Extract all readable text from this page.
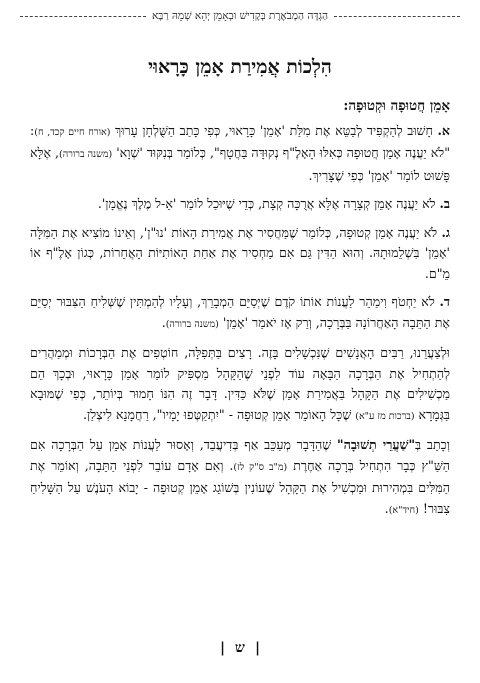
הַגְדָּה הַמְבֹאֶרֶת בְּקָדִישׁ וּבְאָמֵן יְהֵא שְׁמֵהּ רַבָּא
הִלְכוֹת אֲמִירַת אָמֵן כָּרָאוּי
אָמֵן חֲטוּפָה וּקְטוּפָה:

א. חָשׁוּב לְהַקְפִּיד לְבַטֵּא אֶת מִלַּת 'אָמֵן' כָּרָאוּי, כְּפִי כָּתַב הַשֻּׁלְחָן עָרוּךְ (אורח חיים קכד, ח): "לֹא יַעֲנֶה אָמֵן חֲטוּפָה כְּאִלּוּ הָאָלֶ"ף נְקוּדָּה בַּחֲטָף", כְּלוֹמַר בְּנִקּוּד 'שְׁוָא' (משנה ברורה), אֶלָּא פָּשׁוּט לוֹמַר 'אָמֵן' כְּפִי שֶׁצָּרִיךְ.

ב. לֹא יַעֲנֶה אָמֵן קְצָרָה אֶלָּא אֲרֻכָּה קְצָת, כְּדֵי שֶׁיּוּכַל לוֹמַר 'אֵ-ל מֶלֶךְ נֶאֱמָן'.

ג. לֹא יַעֲנֶה אָמֵן קְטוּפָה, כְּלוֹמַר שֶׁמַּחֲסִיר אֶת אֲמִירַת הָאוֹת 'נוּ"ן', וְאֵינוֹ מוֹצִיא אֶת הַמִּלָּה 'אָמֵן' בִּשְׁלֵמוּתָהּ. וְהוּא הַדִּין גַּם אִם מַחְסִיר אֶת אַחַת הָאוֹתִיּוֹת הָאֲחֵרוֹת, כְּגוֹן אָלֶ"ף אוֹ מֵ"ם.

ד. לֹא יַחְטֹף וִימַהֵר לַעֲנוֹת אוֹתוֹ קֹדֶם שֶׁיְּסַיֵּם הַמְבָרֵךְ, וְעָלָיו לְהַמְתִּין שֶׁשְּׁלִיחַ הַצִּבּוּר יְסַיֵּם אֶת הַתֵּבָה הָאַחֲרוֹנָה בַּבְּרָכָה, וְרַק אָז יֹאמַר 'אָמֵן' (משנה ברורה).

וּלְצַעֲרֵנוּ, רַבִּים הָאֲנָשִׁים שֶׁנִּכְשָׁלִים בָּזֶה. רָצִים בַּתְּפִלָּה, חוֹטְפִים אֶת הַבְּרָכוֹת וּמְמַהֲרִים לְהַתְחִיל אֶת הַבְּרָכָה הַבָּאָה עוֹד לִפְנֵי שֶׁהַקָּהָל מַסְפִּיק לוֹמַר אָמֵן כָּרָאוּי, וּבְכָךְ הֵם מַכְשִׁילִים אֶת הַקָּהָל בַּאֲמִירַת אָמֵן שֶׁלֹּא כַּדִּין. דָּבָר זֶה הִנּוֹ חָמוּר בְּיוֹתֵר, כְּפִי שֶׁמּוּבָא בַּגְּמָרָא (ברכות מז ע"א) שֶׁכָּל הָאוֹמֵר אָמֵן קְטוּפָה - "יִתְקַטְּפוּ יָמָיו", רַחֲמָנָא לִיצְלַן.

וְכָתַב בְּ"שַׁעֲרֵי תְשׁוּבָה" שֶׁהַדָּבָר מְעַכֵּב אַף בְּדִיעֲבַד, וְאָסוּר לַעֲנוֹת אָמֵן עַל הַבְּרָכָה אִם הַשַּׁ"ץ כְּבָר הִתְחִיל בְּרָכָה אַחֶרֶת (מ"ב ס"ק לז). וְאִם אָדָם עוֹבֵר לִפְנֵי הַתֵּבָה, וְאוֹמֵר אֶת הַמִּלִּים בִּמְהִירוּת וּמַכְשִׁיל אֶת הַקָּהָל שֶׁעוֹנִין בְּשׁוֹגֵג אָמֵן קְטוּפָה - יָבוֹא הָעֹנֶשׁ עַל הַשָּׁלִיחַ צִבּוּר! (חיד"א).

|ש|
